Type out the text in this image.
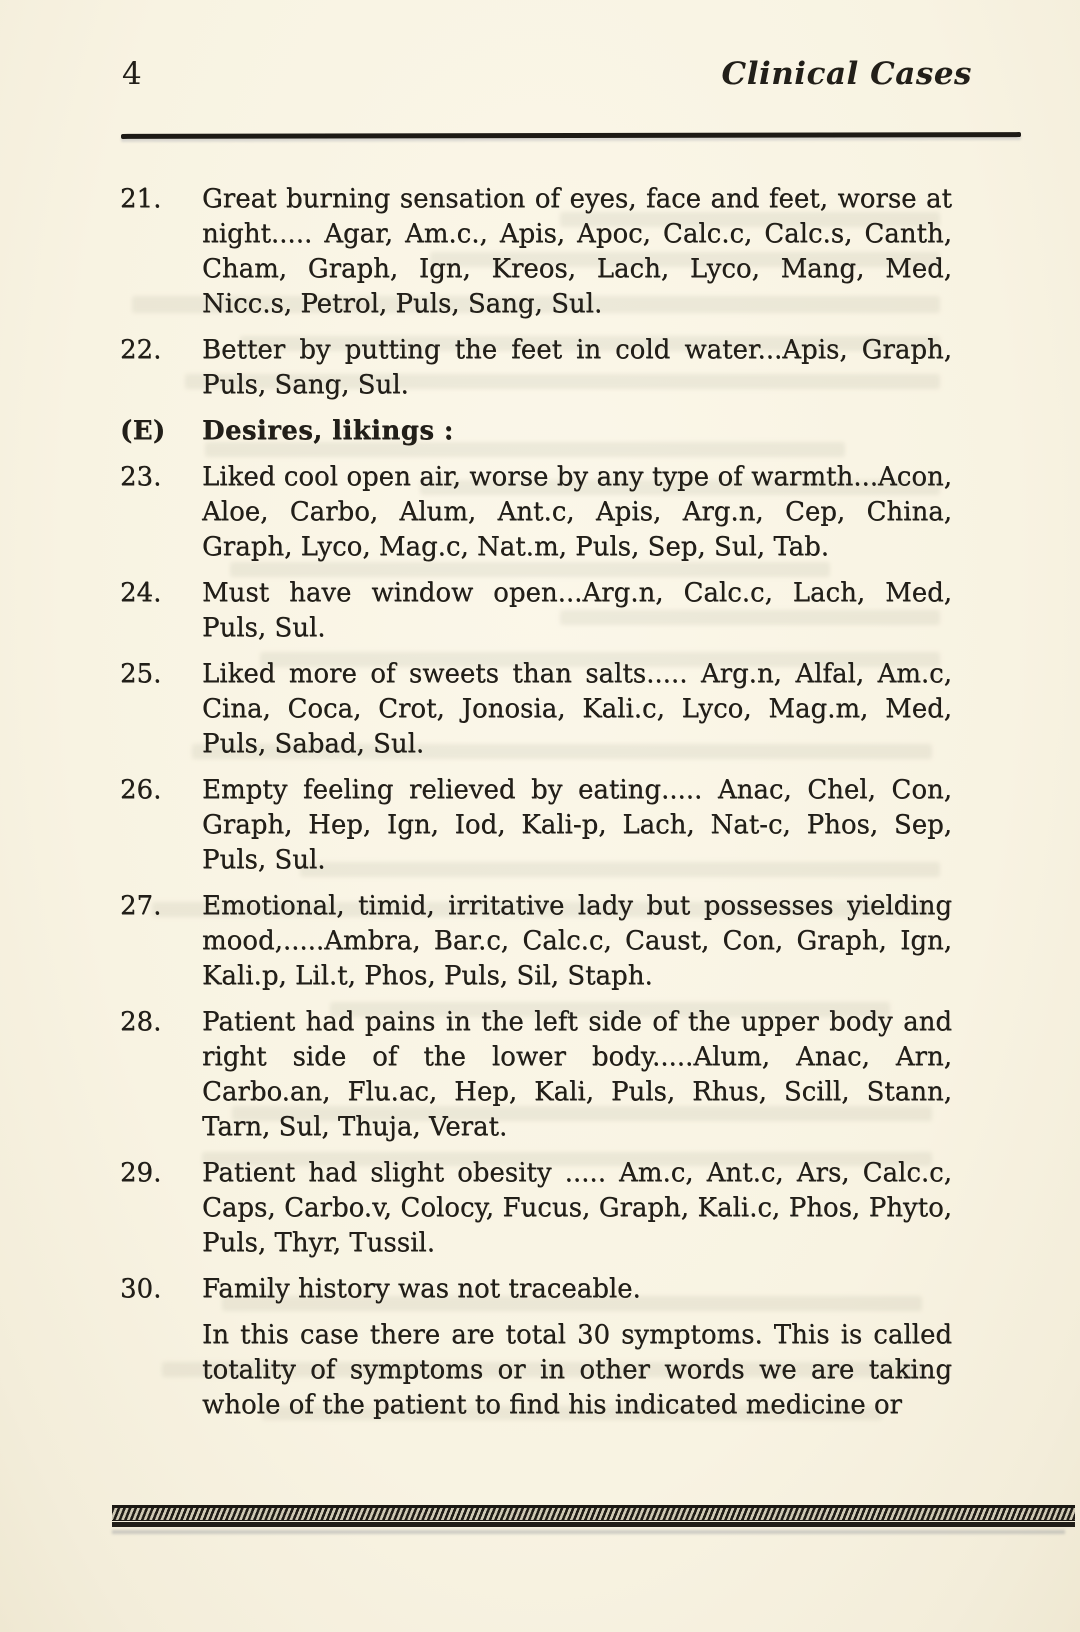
4	Clinical Cases
21.	Great burning sensation of eyes, face and feet, worse at night..... Agar, Am.c., Apis, Apoc, Calc.c, Calc.s, Canth, Cham, Graph, Ign, Kreos, Lach, Lyco, Mang, Med, Nicc.s, Petrol, Puls, Sang, Sul.
22.	Better by putting the feet in cold water...Apis, Graph, Puls, Sang, Sul.
(E)	Desires, likings :
23.	Liked cool open air, worse by any type of warmth...Acon, Aloe, Carbo, Alum, Ant.c, Apis, Arg.n, Cep, China, Graph, Lyco, Mag.c, Nat.m, Puls, Sep, Sul, Tab.
24.	Must have window open...Arg.n, Calc.c, Lach, Med, Puls, Sul.
25.	Liked more of sweets than salts..... Arg.n, Alfal, Am.c, Cina, Coca, Crot, Jonosia, Kali.c, Lyco, Mag.m, Med, Puls, Sabad, Sul.
26.	Empty feeling relieved by eating..... Anac, Chel, Con, Graph, Hep, Ign, Iod, Kali-p, Lach, Nat-c, Phos, Sep, Puls, Sul.
27.	Emotional, timid, irritative lady but possesses yielding mood,.....Ambra, Bar.c, Calc.c, Caust, Con, Graph, Ign, Kali.p, Lil.t, Phos, Puls, Sil, Staph.
28.	Patient had pains in the left side of the upper body and right side of the lower body.....Alum, Anac, Arn, Carbo.an, Flu.ac, Hep, Kali, Puls, Rhus, Scill, Stann, Tarn, Sul, Thuja, Verat.
29.	Patient had slight obesity ..... Am.c, Ant.c, Ars, Calc.c, Caps, Carbo.v, Colocy, Fucus, Graph, Kali.c, Phos, Phyto, Puls, Thyr, Tussil.
30.	Family history was not traceable.
In this case there are total 30 symptoms. This is called totality of symptoms or in other words we are taking whole of the patient to find his indicated medicine or
